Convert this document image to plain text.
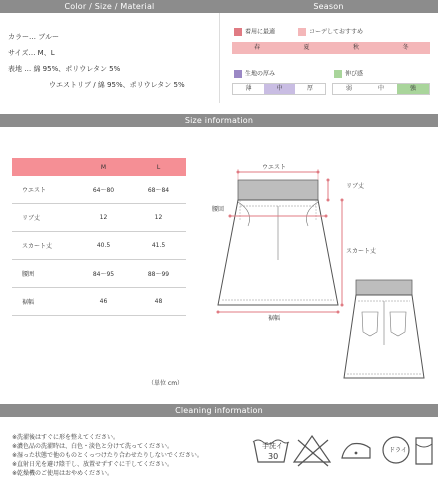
Color / Size / Material	Season
カラー… ブルー
サイズ… M、L
表地 … 綿 95%、ポリウレタン 5%
ウエストリブ / 綿 95%、ポリウレタン 5%
着用に最適	コーデしておすすめ
春	夏	秋	冬
生地の厚み	伸び感
薄	中	厚	弱	中	強
Size information
	M	L
ウエスト	64〜80	68〜84
リブ丈	12	12
スカート丈	40.5	41.5
腰囲	84〜95	88〜99
裾幅	46	48
ウエスト
リブ丈
腰回
スカート丈
裾幅
（単位 cm）
Cleaning information
※洗濯後はすぐに形を整えてください。
※濃色品の洗濯時は、白色・淡色と分けて洗ってください。
※湿った状態で他のものとくっつけたり合わせたりしないでください。
※直射日光を避け陰干し、放置せずすぐに干してください。
※乾燥機のご使用はおやめください。
手洗イ
30
ドライ
